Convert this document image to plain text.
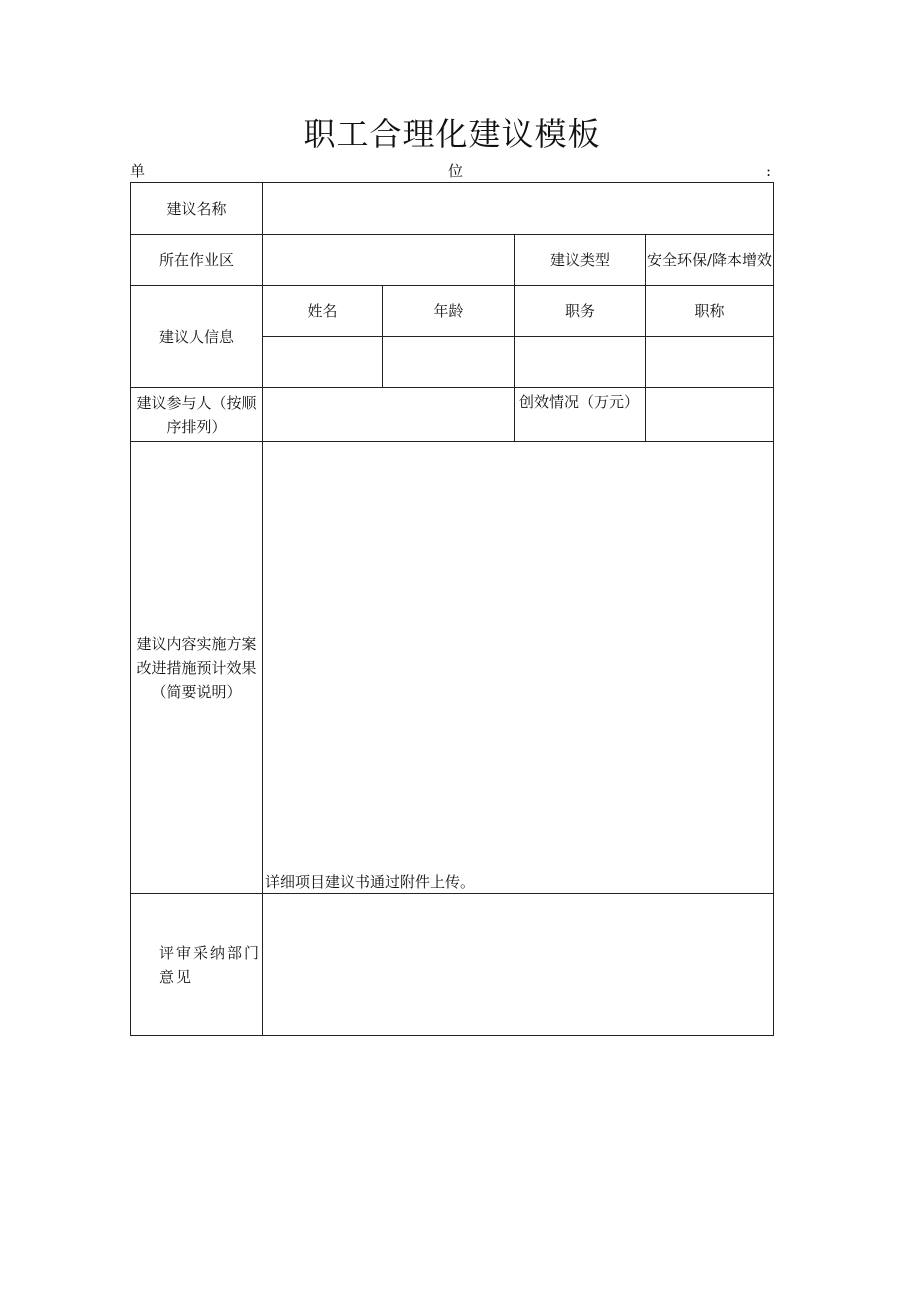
职工合理化建议模板
单	位	:
建议名称				
所在作业区			建议类型	安全环保/降本增效
建议人信息	姓名	年龄	职务	职称

建议参与人（按顺序排列）			创效情况（万元）	
建议内容实施方案改进措施预计效果（简要说明）	详细项目建议书通过附件上传。			

评审采纳部门意见				
